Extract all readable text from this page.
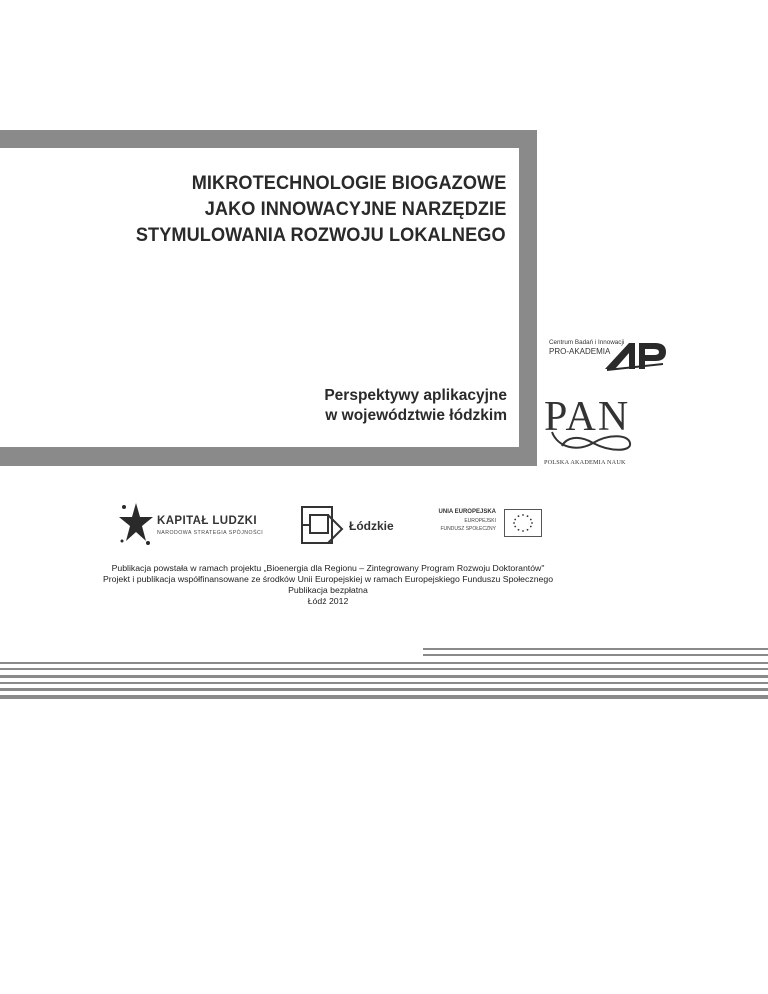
MIKROTECHNOLOGIE BIOGAZOWE
JAKO INNOWACYJNE NARZĘDZIE
STYMULOWANIA ROZWOJU LOKALNEGO
Perspektywy aplikacyjne
w województwie łódzkim
Centrum Badań i Innowacji
PRO-AKADEMIA
PAN
POLSKA AKADEMIA NAUK
KAPITAŁ LUDZKI
NARODOWA STRATEGIA SPÓJNOŚCI	Łódzkie
UNIA EUROPEJSKA
EUROPEJSKI
FUNDUSZ SPOŁECZNY
Publikacja powstała w ramach projektu „Bioenergia dla Regionu – Zintegrowany Program Rozwoju Doktorantów"
Projekt i publikacja współfinansowane ze środków Unii Europejskiej w ramach Europejskiego Funduszu Społecznego
Publikacja bezpłatna
Łódź 2012
